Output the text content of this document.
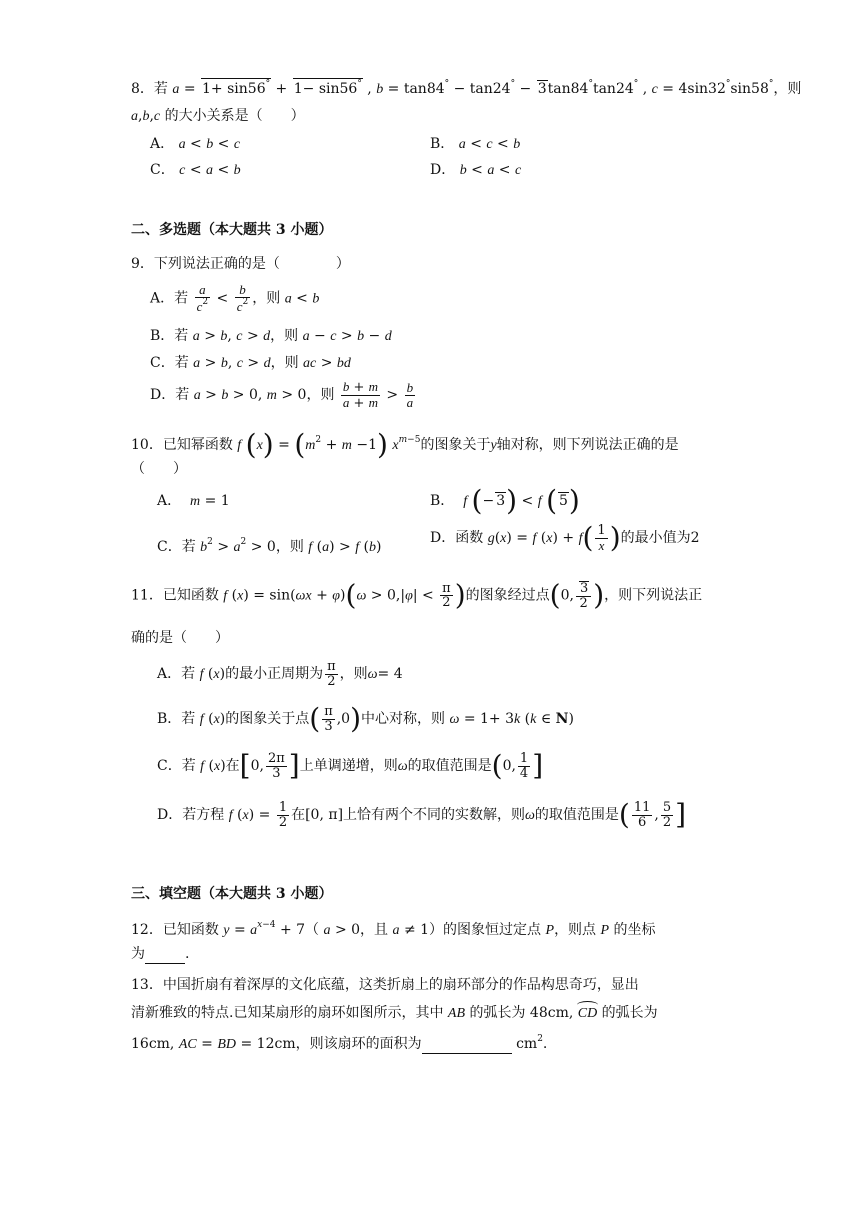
8．若 a = 1+ sin56° + 1− sin56° , b = tan84° − tan24° − 3tan84°tan24° , c = 4sin32°sin58°，则
a,b,c 的大小关系是（　　）
A． a < b < c	B． a < c < b
C． c < a < b	D． b < a < c
二、多选题（本大题共 3 小题）
9．下列说法正确的是（　　　　）
A．若 $\frac{a}{c^2} < \frac{b}{c^2}$ ，则 a < b
B．若 a > b, c > d，则 a − c > b − d
C．若 a > b, c > d，则 ac > bd
D．若 a > b > 0, m > 0，则 $\frac{b + m}{a + m} > \frac{b}{a}$
10．已知幂函数 f $(x) = (m^2 + m -1)$ $x^{m-5}$的图象关于y轴对称，则下列说法正确的是
（　　）
A． m = 1	B． f (− 3) < f ( 5)
C．若 $b^2 > a^2 > 0$，则 f (a) > f (b)
D．函数 g(x) = f $(x) + f( \frac{1}{x}$ )的最小值为2
11．已知函数 f $(x) = \sin(\omega x + \varphi)(\omega > 0,|\varphi| < \frac{\pi}{2}$ )的图象经过点(0, $\frac{3}{2}$ )，则下列说法正
确的是（　　）
A．若 f (x)的最小正周期为 $\frac{\pi}{2}$ ，则ω= 4
B．若 f (x)的图象关于点( $\frac{\pi}{3} ,0$)中心对称，则 ω = 1+ 3k (k ∈ N)
C．若 f (x)在[0, $\frac{2\pi}{3}$ ]上单调递增，则ω的取值范围是(0, $\frac{1}{4}$ ]
D．若方程 f $(x) = \frac{1}{2}$ 在[0, π]上恰有两个不同的实数解，则ω的取值范围是( $\frac{11}{6}$ , $\frac{5}{2}$ ]
三、填空题（本大题共 3 小题）
12．已知函数 $y = a^{x-4} + 7$（ a > 0，且 a ≠ 1）的图象恒过定点 P，则点 P 的坐标
为	.
13．中国折扇有着深厚的文化底蕴，这类折扇上的扇环部分的作品构思奇巧，显出
清新雅致的特点.已知某扇形的扇环如图所示，其中 AB 的弧长为 48cm, CD 的弧长为
16cm, AC = BD = 12cm，则该扇环的面积为	$cm^2$.
